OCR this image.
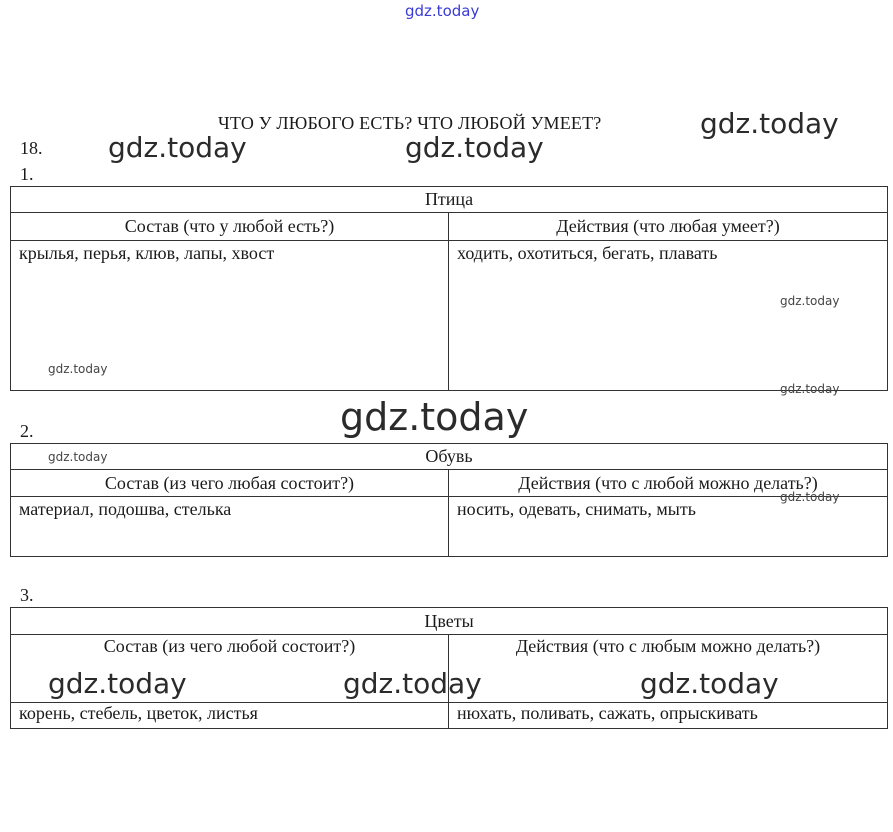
gdz.today
gdz.today
gdz.today	gdz.today
ЧТО У ЛЮБОГО ЕСТЬ? ЧТО ЛЮБОЙ УМЕЕТ?
18.
1.
Птица
Состав (что у любой есть?)	Действия (что любая умеет?)
крылья, перья, клюв, лапы, хвост	ходить, охотиться, бегать, плавать
gdz.today
gdz.today
gdz.today
gdz.today
2.
Обувь
Состав (из чего любая состоит?)	Действия (что с любой можно делать?)
материал, подошва, стелька	носить, одевать, снимать, мыть
gdz.today
gdz.today
3.
Цветы
Состав (из чего любой состоит?)	Действия (что с любым можно делать?)
корень, стебель, цветок, листья	нюхать, поливать, сажать, опрыскивать
gdz.today	gdz.today	gdz.today
